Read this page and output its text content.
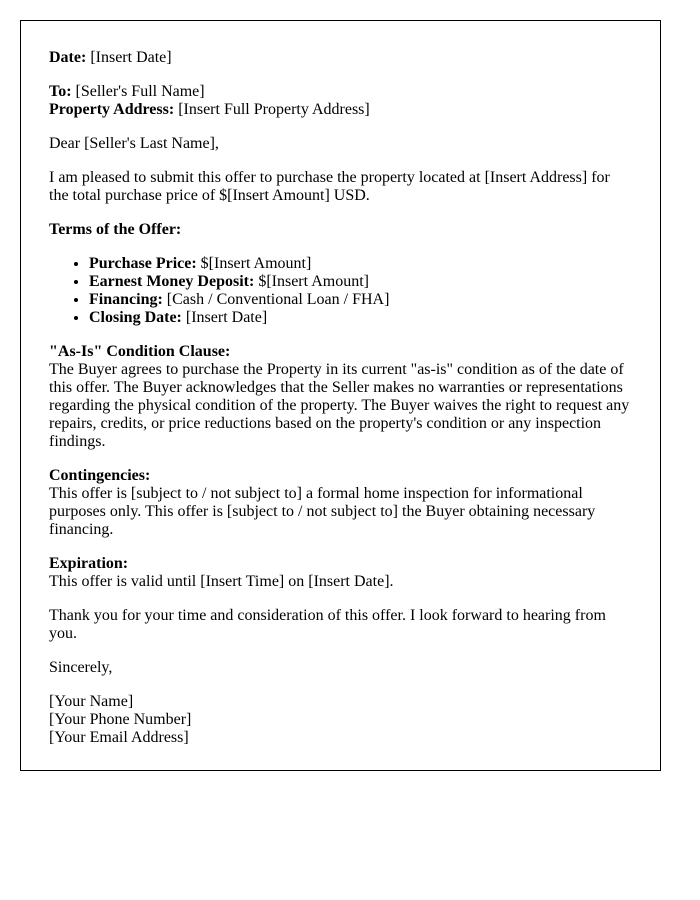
Date: [Insert Date]

To: [Seller's Full Name]

Property Address: [Insert Full Property Address]

Dear [Seller's Last Name],

I am pleased to submit this offer to purchase the property located at [Insert Address] for the total purchase price of $[Insert Amount] USD.

Terms of the Offer:

• Purchase Price: $[Insert Amount]
• Earnest Money Deposit: $[Insert Amount]
• Financing: [Cash / Conventional Loan / FHA]
• Closing Date: [Insert Date]

"As-Is" Condition Clause:
The Buyer agrees to purchase the Property in its current "as-is" condition as of the date of this offer. The Buyer acknowledges that the Seller makes no warranties or representations regarding the physical condition of the property. The Buyer waives the right to request any repairs, credits, or price reductions based on the property's condition or any inspection findings.

Contingencies:
This offer is [subject to / not subject to] a formal home inspection for informational purposes only. This offer is [subject to / not subject to] the Buyer obtaining necessary financing.

Expiration:
This offer is valid until [Insert Time] on [Insert Date].

Thank you for your time and consideration of this offer. I look forward to hearing from you.

Sincerely,

[Your Name]
[Your Phone Number]
[Your Email Address]
